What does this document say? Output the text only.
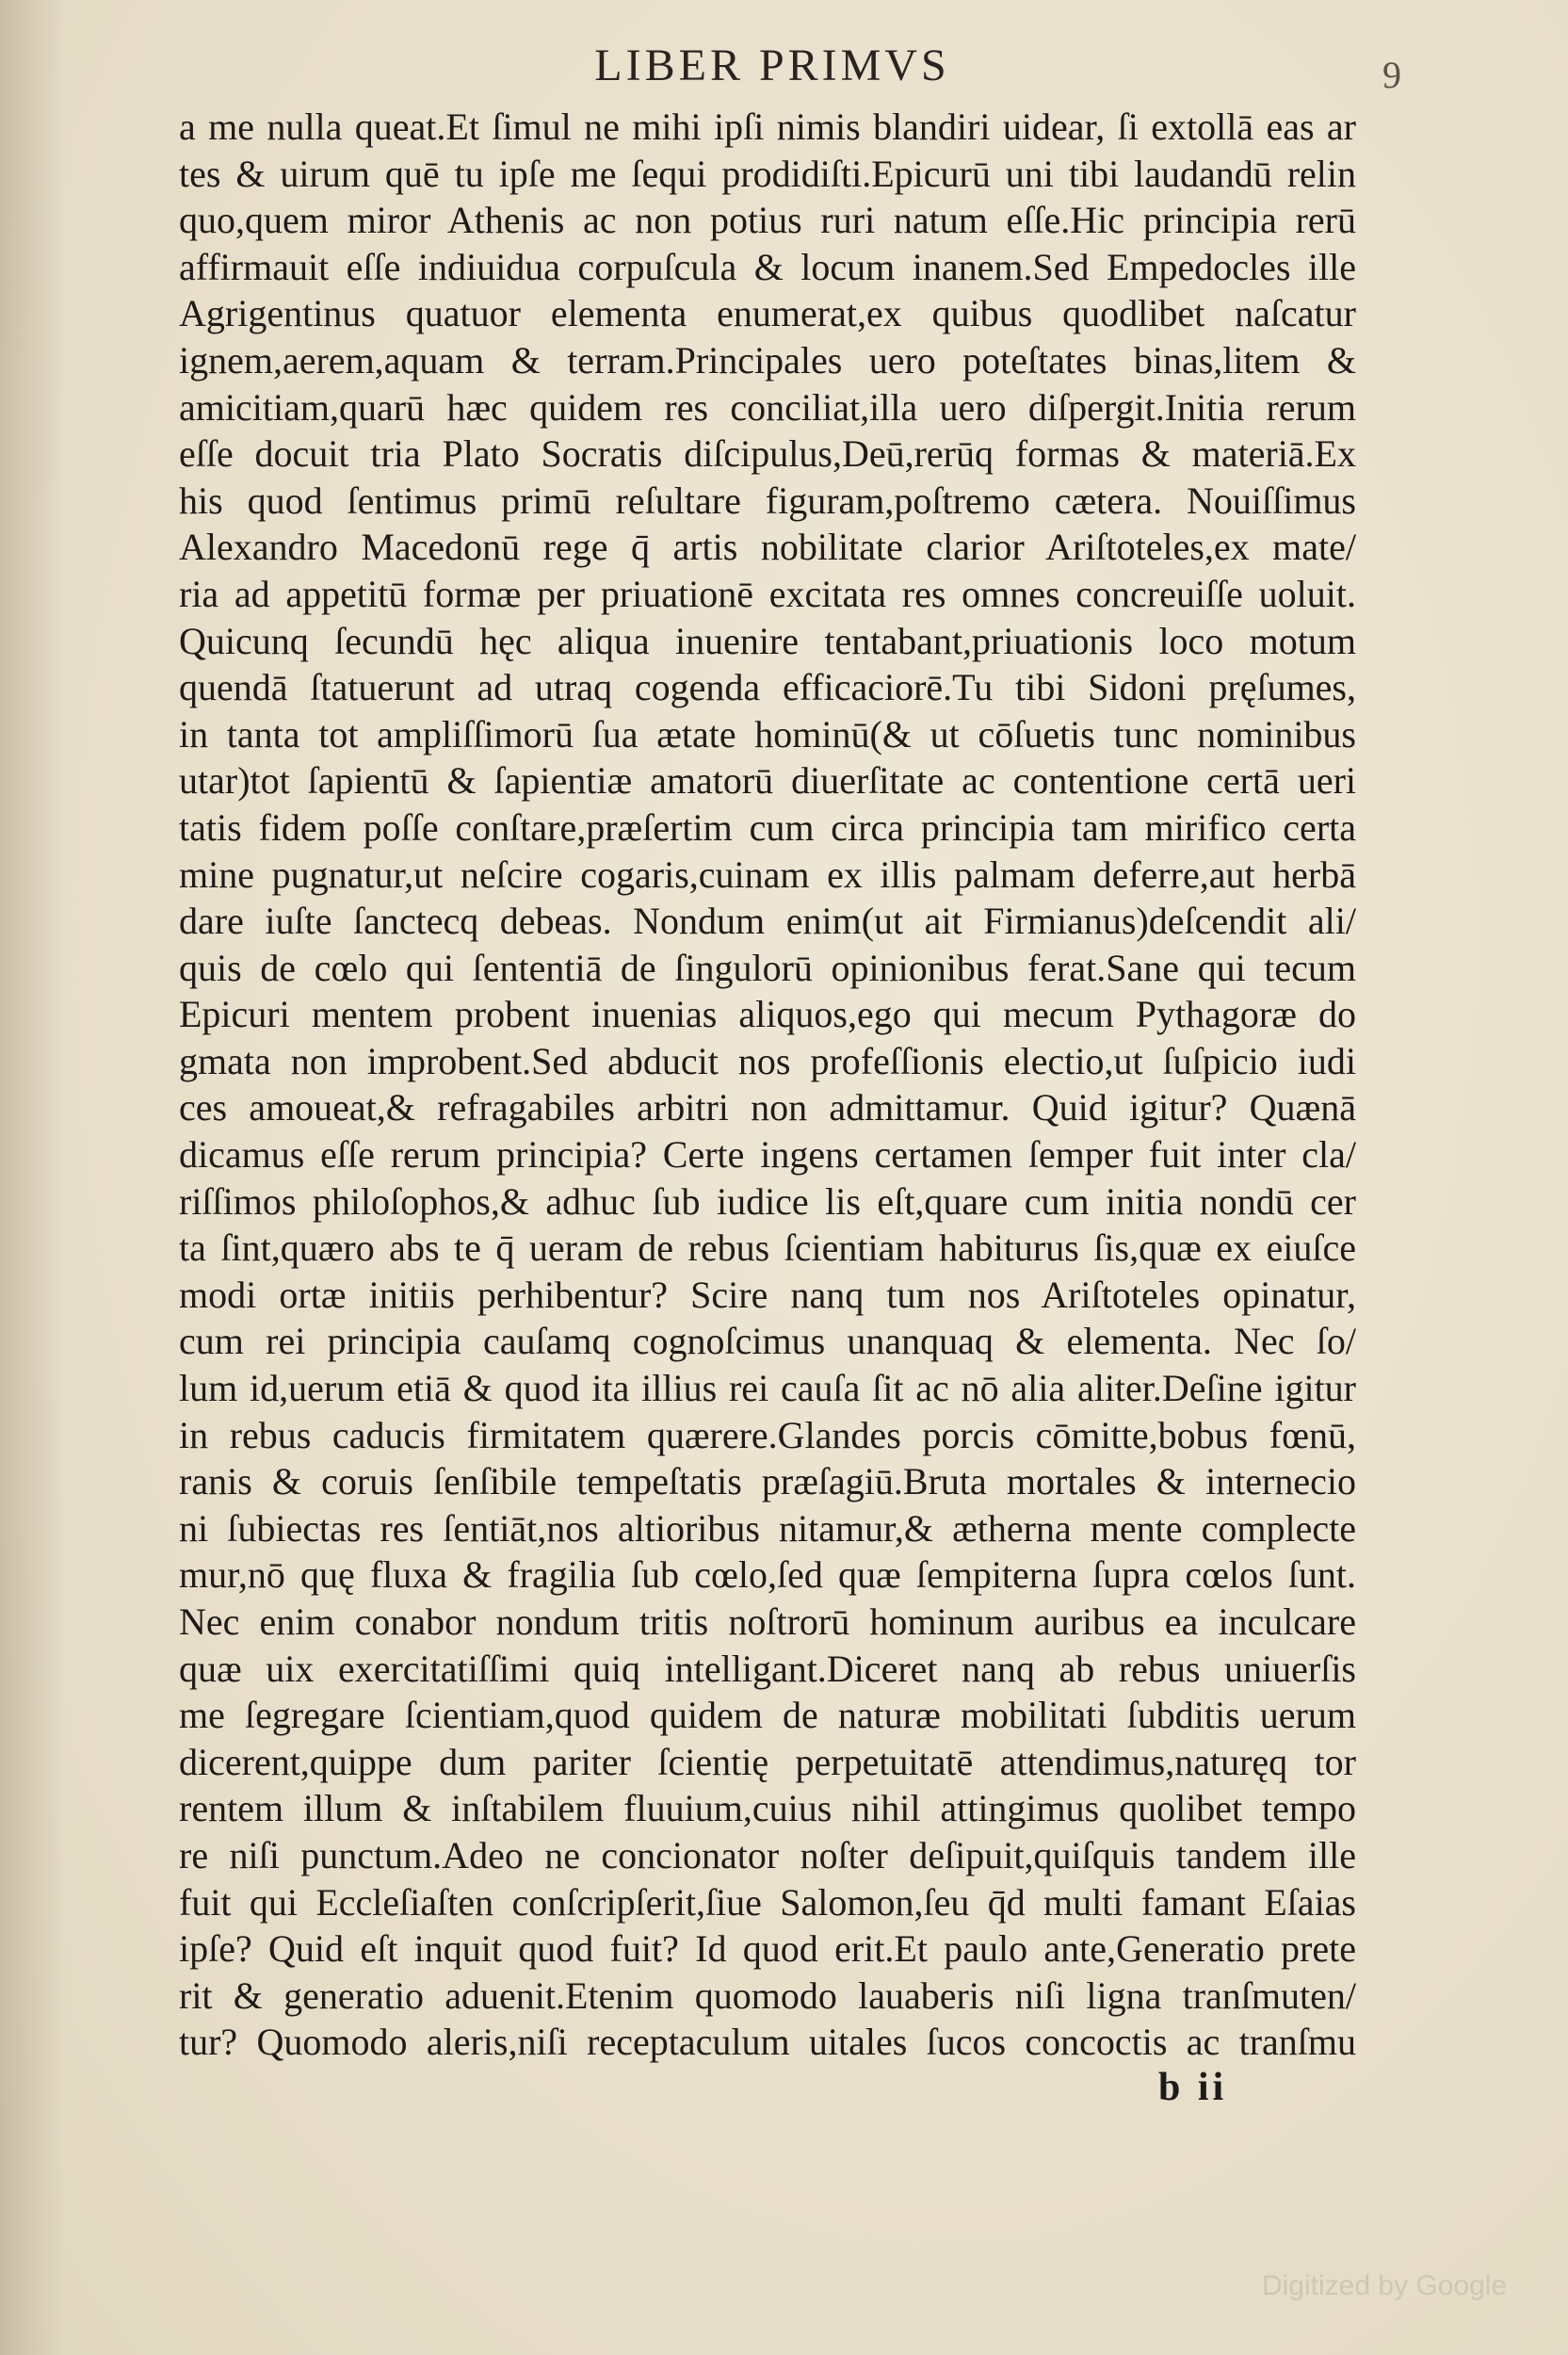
LIBER PRIMVS	9
a me nulla queat.Et ſimul ne mihi ipſi nimis blandiri uidear, ſi extollā eas ar
tes & uirum quē tu ipſe me ſequi prodidiſti.Epicurū uni tibi laudandū relin
quo,quem miror Athenis ac non potius ruri natum eſſe.Hic principia rerū
affirmauit eſſe indiuidua corpuſcula & locum inanem.Sed Empedocles ille
Agrigentinus quatuor elementa enumerat,ex quibus quodlibet naſcatur
ignem,aerem,aquam & terram.Principales uero poteſtates binas,litem &
amicitiam,quarū hæc quidem res conciliat,illa uero diſpergit.Initia rerum
eſſe docuit tria Plato Socratis diſcipulus,Deū,rerūq formas & materiā.Ex
his quod ſentimus primū reſultare figuram,poſtremo cætera. Nouiſſimus
Alexandro Macedonū rege q̄ artis nobilitate clarior Ariſtoteles,ex mate/
ria ad appetitū formæ per priuationē excitata res omnes concreuiſſe uoluit.
Quicunq ſecundū hęc aliqua inuenire tentabant,priuationis loco motum
quendā ſtatuerunt ad utraq cogenda efficaciorē.Tu tibi Sidoni pręſumes,
in tanta tot ampliſſimorū ſua ætate hominū(& ut cōſuetis tunc nominibus
utar)tot ſapientū & ſapientiæ amatorū diuerſitate ac contentione certā ueri
tatis fidem poſſe conſtare,præſertim cum circa principia tam mirifico certa
mine pugnatur,ut neſcire cogaris,cuinam ex illis palmam deferre,aut herbā
dare iuſte ſanctecq debeas. Nondum enim(ut ait Firmianus)deſcendit ali/
quis de cœlo qui ſententiā de ſingulorū opinionibus ferat.Sane qui tecum
Epicuri mentem probent inuenias aliquos,ego qui mecum Pythagoræ do
gmata non improbent.Sed abducit nos profeſſionis electio,ut ſuſpicio iudi
ces amoueat,& refragabiles arbitri non admittamur. Quid igitur? Quænā
dicamus eſſe rerum principia? Certe ingens certamen ſemper fuit inter cla/
riſſimos philoſophos,& adhuc ſub iudice lis eſt,quare cum initia nondū cer
ta ſint,quæro abs te q̄ ueram de rebus ſcientiam habiturus ſis,quæ ex eiuſce
modi ortæ initiis perhibentur? Scire nanq tum nos Ariſtoteles opinatur,
cum rei principia cauſamq cognoſcimus unanquaq & elementa. Nec ſo/
lum id,uerum etiā & quod ita illius rei cauſa ſit ac nō alia aliter.Deſine igitur
in rebus caducis firmitatem quærere.Glandes porcis cōmitte,bobus fœnū,
ranis & coruis ſenſibile tempeſtatis præſagiū.Bruta mortales & internecio
ni ſubiectas res ſentiāt,nos altioribus nitamur,& æthernа mente complecte
mur,nō quę fluxa & fragilia ſub cœlo,ſed quæ ſempiterna ſupra cœlos ſunt.
Nec enim conabor nondum tritis noſtrorū hominum auribus ea inculcare
quæ uix exercitatiſſimi quiq intelligant.Diceret nanq ab rebus uniuerſis
me ſegregare ſcientiam,quod quidem de naturæ mobilitati ſubditis uerum
dicerent,quippe dum pariter ſcientię perpetuitatē attendimus,naturęq tor
rentem illum & inſtabilem fluuium,cuius nihil attingimus quolibet tempo
re niſi punctum.Adeo ne concionator noſter deſipuit,quiſquis tandem ille
fuit qui Eccleſiaſten conſcripſerit,ſiue Salomon,ſeu q̄d multi famant Eſaias
ipſe? Quid eſt inquit quod fuit? Id quod erit.Et paulo ante,Generatio prete
rit & generatio aduenit.Etenim quomodo lauaberis niſi ligna tranſmuten/
tur? Quomodo aleris,niſi receptaculum uitales ſucos concoctis ac tranſmu
b ii
Digitized by Google
